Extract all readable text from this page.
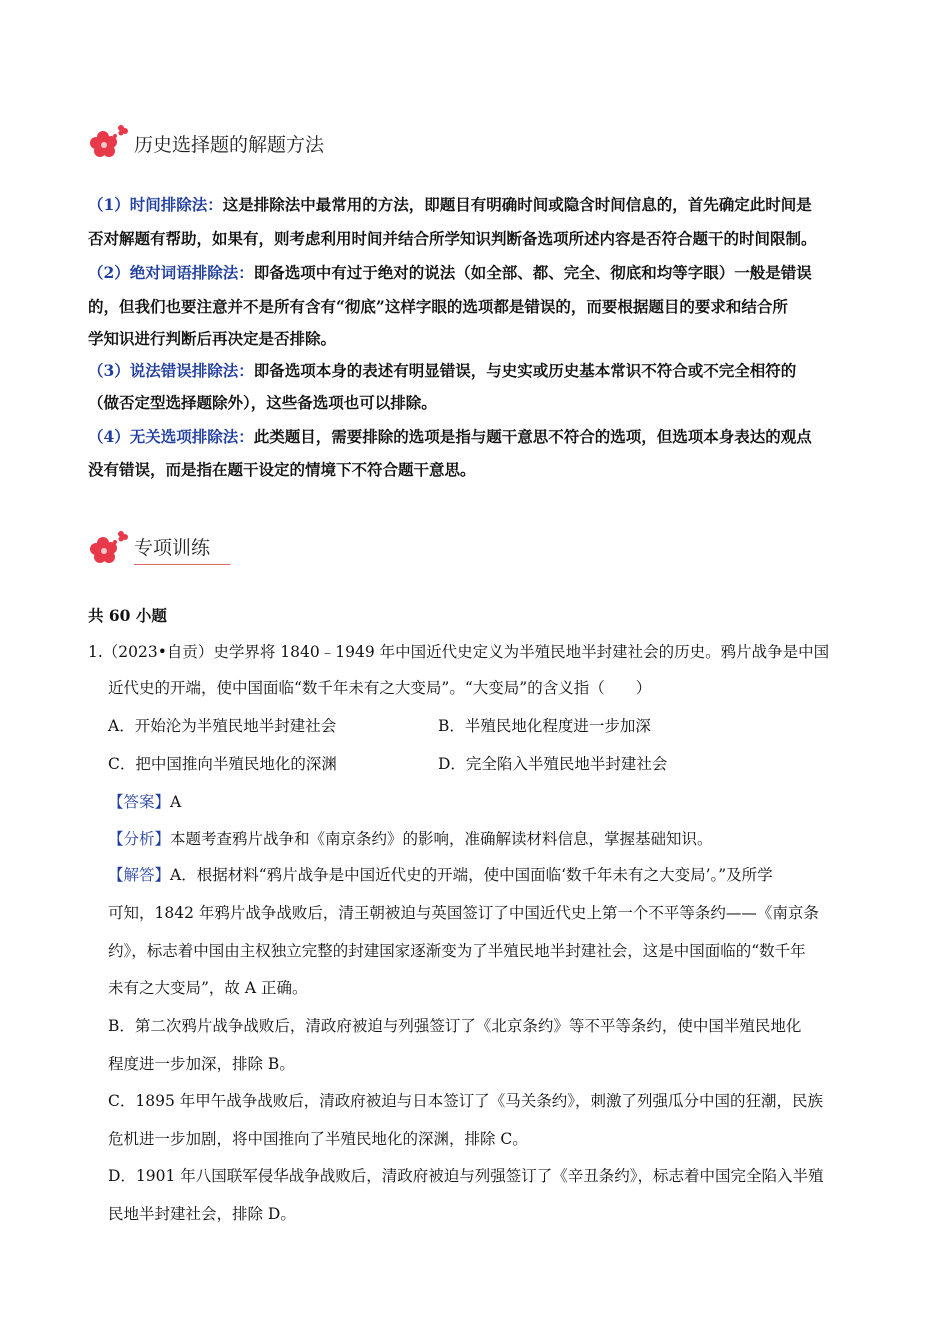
历史选择题的解题方法
（1）时间排除法：这是排除法中最常用的方法，即题目有明确时间或隐含时间信息的，首先确定此时间是
否对解题有帮助，如果有，则考虑利用时间并结合所学知识判断备选项所述内容是否符合题干的时间限制。
（2）绝对词语排除法：即备选项中有过于绝对的说法（如全部、都、完全、彻底和均等字眼）一般是错误
的，但我们也要注意并不是所有含有“彻底”这样字眼的选项都是错误的，而要根据题目的要求和结合所
学知识进行判断后再决定是否排除。
（3）说法错误排除法：即备选项本身的表述有明显错误，与史实或历史基本常识不符合或不完全相符的
（做否定型选择题除外），这些备选项也可以排除。
（4）无关选项排除法：此类题目，需要排除的选项是指与题干意思不符合的选项，但选项本身表达的观点
没有错误，而是指在题干设定的情境下不符合题干意思。
专项训练
共 60 小题
1.（2023•自贡）史学界将 1840﹣1949 年中国近代史定义为半殖民地半封建社会的历史。鸦片战争是中国
近代史的开端，使中国面临“数千年未有之大变局”。“大变局”的含义指（　　）
A．开始沦为半殖民地半封建社会	B．半殖民地化程度进一步加深
C．把中国推向半殖民地化的深渊	D．完全陷入半殖民地半封建社会
【答案】A
【分析】本题考查鸦片战争和《南京条约》的影响，准确解读材料信息，掌握基础知识。
【解答】A．根据材料“鸦片战争是中国近代史的开端，使中国面临‘数千年未有之大变局’。”及所学
可知，1842 年鸦片战争战败后，清王朝被迫与英国签订了中国近代史上第一个不平等条约——《南京条
约》，标志着中国由主权独立完整的封建国家逐渐变为了半殖民地半封建社会，这是中国面临的“数千年
未有之大变局”，故 A 正确。
B．第二次鸦片战争战败后，清政府被迫与列强签订了《北京条约》等不平等条约，使中国半殖民地化
程度进一步加深，排除 B。
C．1895 年甲午战争战败后，清政府被迫与日本签订了《马关条约》，刺激了列强瓜分中国的狂潮，民族
危机进一步加剧，将中国推向了半殖民地化的深渊，排除 C。
D．1901 年八国联军侵华战争战败后，清政府被迫与列强签订了《辛丑条约》，标志着中国完全陷入半殖
民地半封建社会，排除 D。
